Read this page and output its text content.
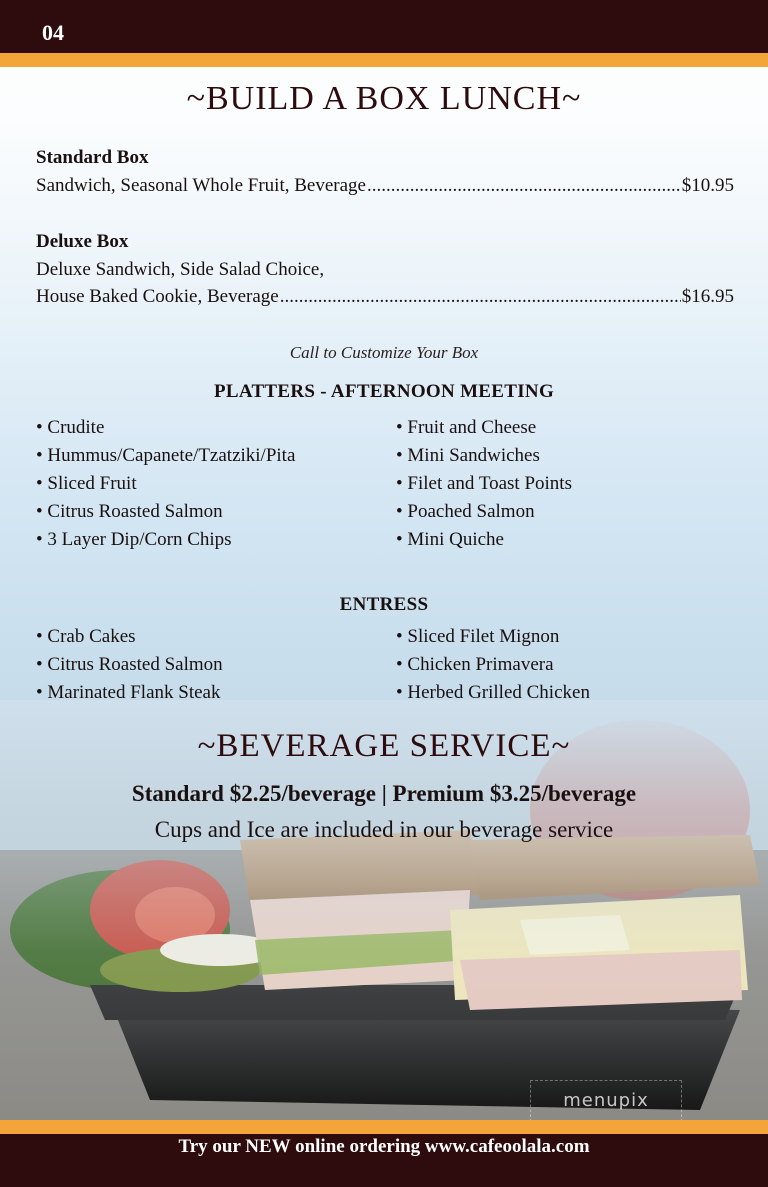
04
~BUILD A BOX LUNCH~
Standard Box
Sandwich, Seasonal Whole Fruit, Beverage .....	$10.95
Deluxe Box
Deluxe Sandwich, Side Salad Choice,
House Baked Cookie, Beverage .....	$16.95
Call to Customize Your Box
PLATTERS - AFTERNOON MEETING
• Crudite
• Hummus/Capanete/Tzatziki/Pita
• Sliced Fruit
• Citrus Roasted Salmon
• 3 Layer Dip/Corn Chips
• Fruit and Cheese
• Mini Sandwiches
• Filet and Toast Points
• Poached Salmon
• Mini Quiche
ENTRESS
• Crab Cakes
• Citrus Roasted Salmon
• Marinated Flank Steak
• Sliced Filet Mignon
• Chicken Primavera
• Herbed Grilled Chicken
~BEVERAGE SERVICE~
Standard $2.25/beverage | Premium $3.25/beverage
Cups and Ice are included in our beverage service
menupix
Try our NEW online ordering www.cafeoolala.com
